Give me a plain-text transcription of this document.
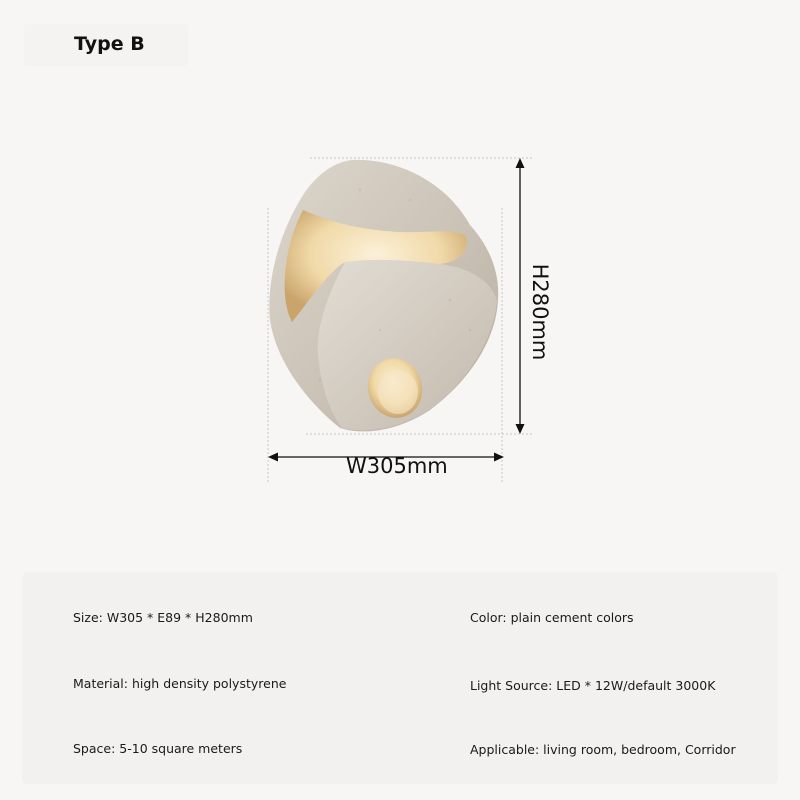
Type B
W305mm
H280mm
Size: W305 * E89 * H280mm	Color: plain cement colors
Material: high density polystyrene	Light Source: LED * 12W/default 3000K
Space: 5-10 square meters	Applicable: living room, bedroom, Corridor
